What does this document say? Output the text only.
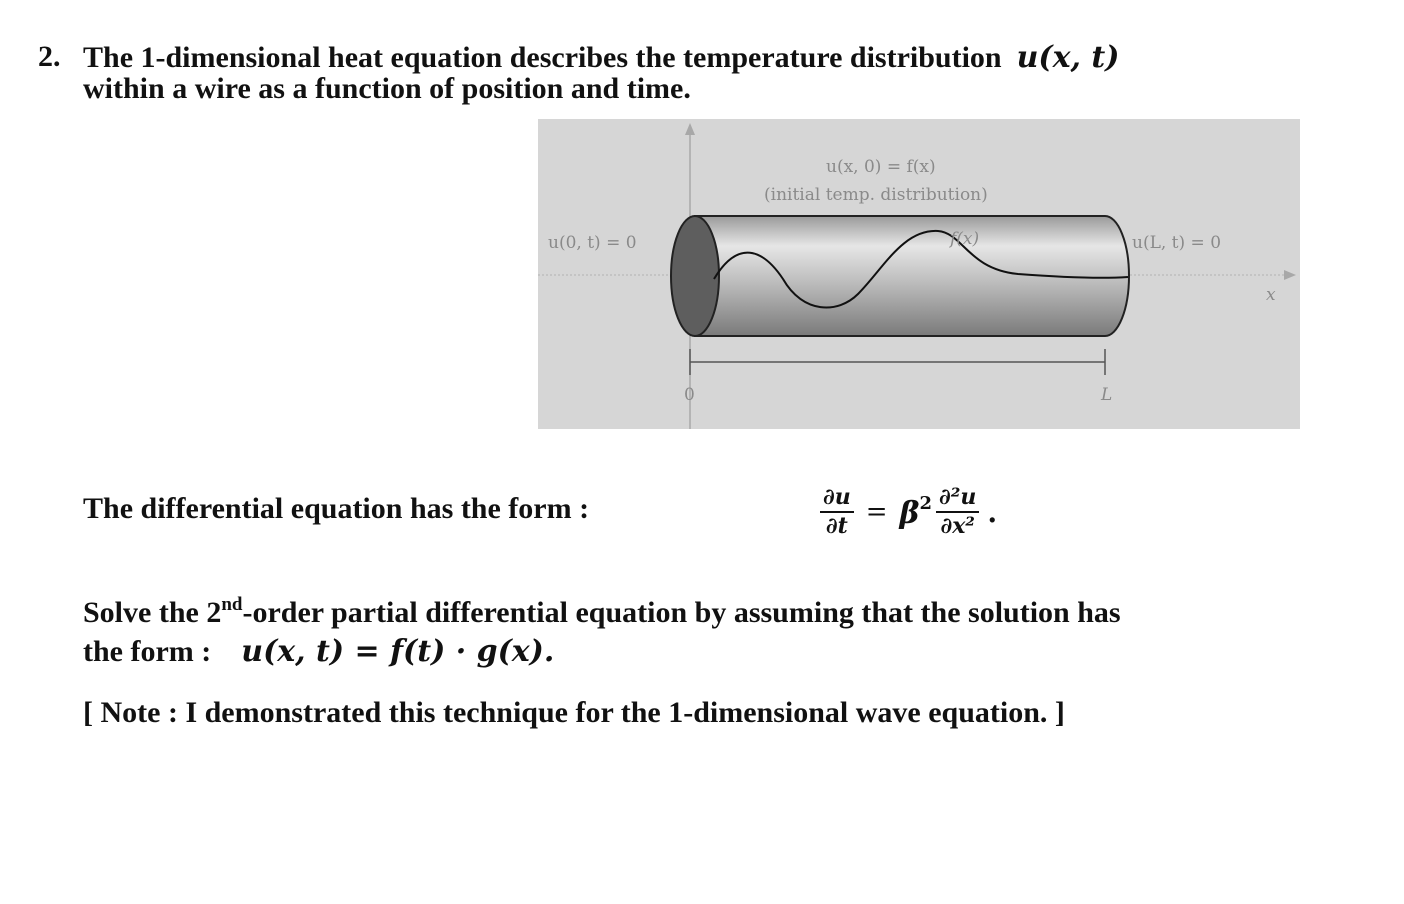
2. The 1-dimensional heat equation describes the temperature distribution u(x, t)
within a wire as a function of position and time.
u(x, 0) = f(x)
(initial temp. distribution)
u(0, t) = 0	u(L, t) = 0
f(x)
x
0	L
The differential equation has the form :	$\frac{\partial u}{\partial t} = \beta^2 \frac{\text{∂²u}}{\text{∂x²}}$ .
Solve the 2nd-order partial differential equation by assuming that the solution has
the form : u(x, t) = f(t) · g(x).
[ Note : I demonstrated this technique for the 1-dimensional wave equation. ]
